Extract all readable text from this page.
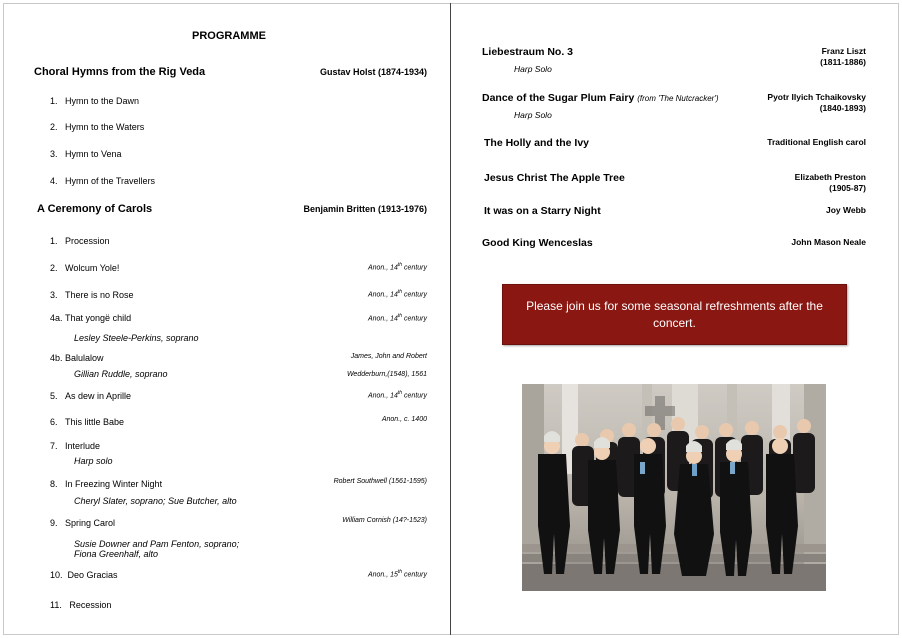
PROGRAMME
Choral Hymns from the Rig Veda	Gustav Holst (1874-1934)
1. Hymn to the Dawn
2. Hymn to the Waters
3. Hymn to Vena
4. Hymn of the Travellers
A Ceremony of Carols	Benjamin Britten (1913-1976)
1. Procession
2. Wolcum Yole!	Anon., 14th century
3. There is no Rose	Anon., 14th century
4a. That yongë child	Anon., 14th century
Lesley Steele-Perkins, soprano
4b. Balulalow	James, John and Robert
Gillian Ruddle, soprano	Wedderburn,(1548), 1561
5. As dew in Aprille	Anon., 14th century
6. This little Babe	Anon., c. 1400
7. Interlude
Harp solo
8. In Freezing Winter Night	Robert Southwell (1561-1595)
Cheryl Slater, soprano; Sue Butcher, alto
9. Spring Carol	William Cornish (14?-1523)
Susie Downer and Pam Fenton, soprano;
Fiona Greenhalf, alto
10. Deo Gracias	Anon., 15th century
11. Recession
Liebestraum No. 3	Franz Liszt
(1811-1886)
Harp Solo
Dance of the Sugar Plum Fairy (from 'The Nutcracker')	Pyotr Ilyich Tchaikovsky
(1840-1893)
Harp Solo
The Holly and the Ivy	Traditional English carol
Jesus Christ The Apple Tree	Elizabeth Preston
(1905-87)
It was on a Starry Night	Joy Webb
Good King Wenceslas	John Mason Neale
Please join us for some seasonal refreshments after the concert.
